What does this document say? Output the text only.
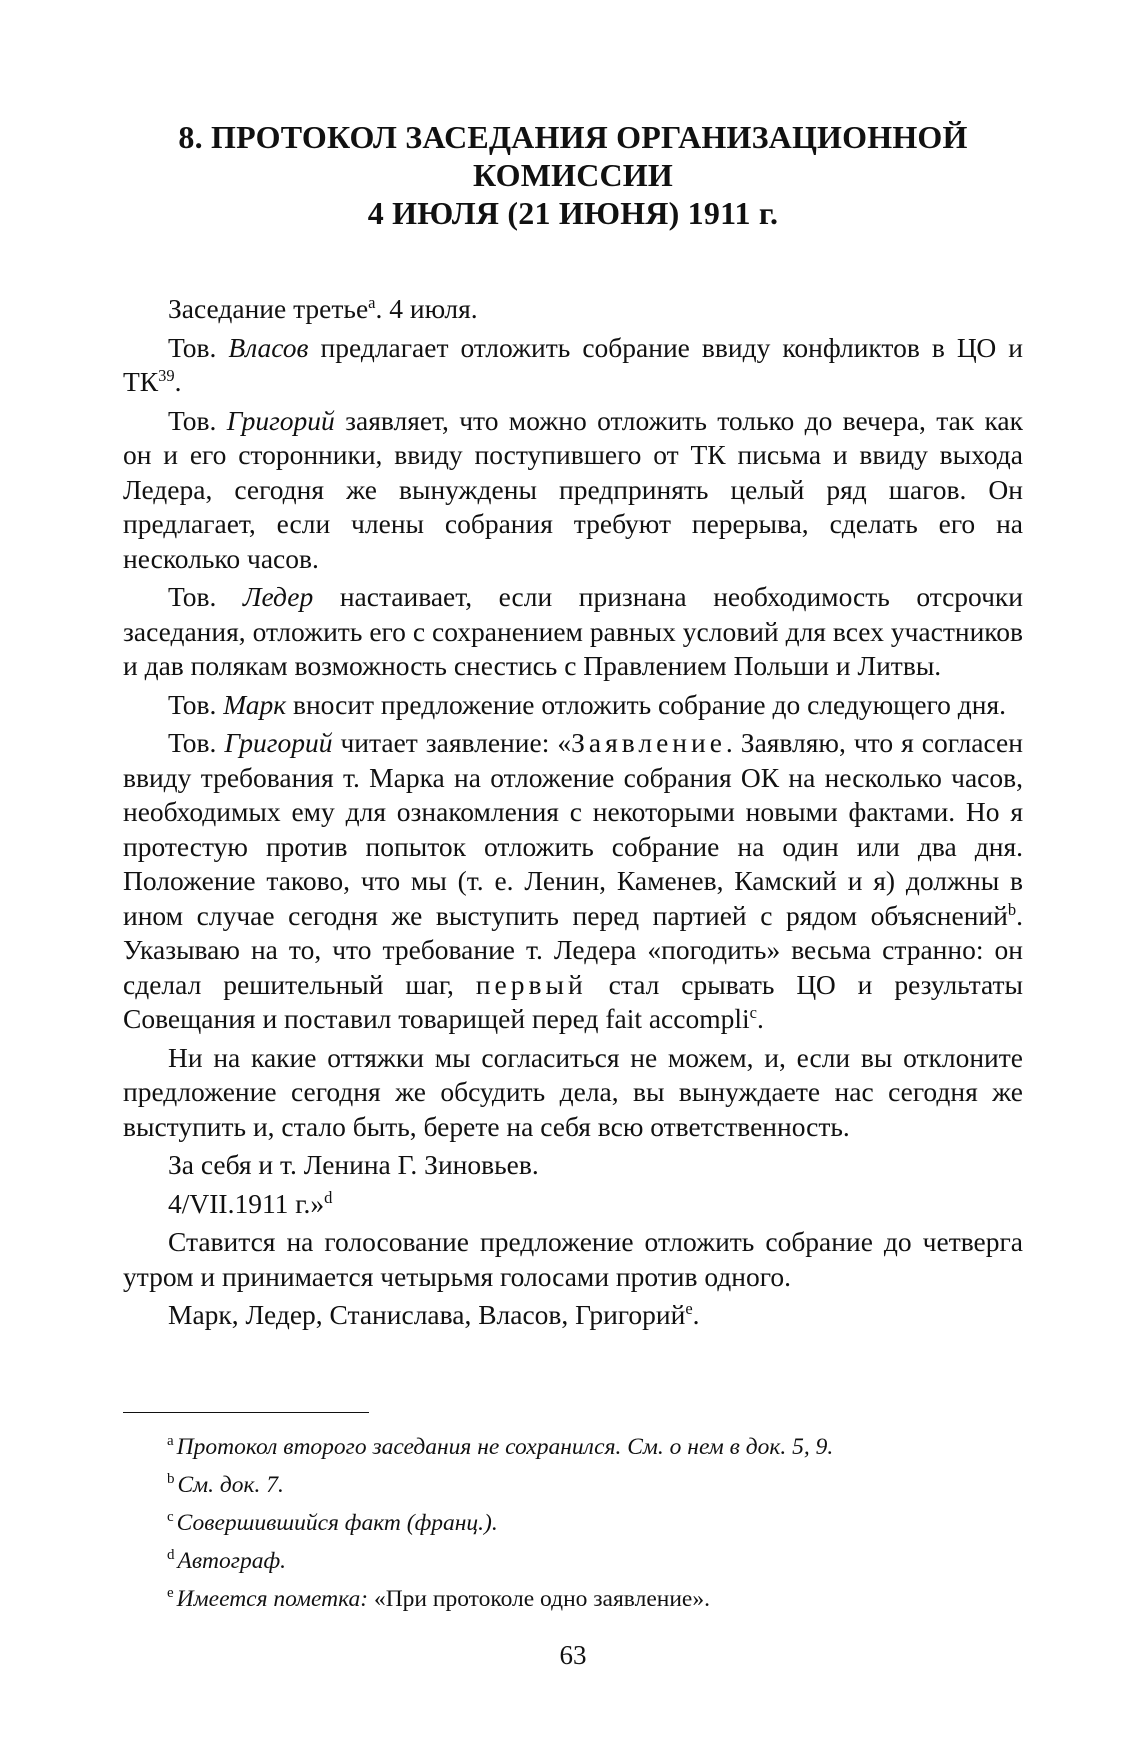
8. ПРОТОКОЛ ЗАСЕДАНИЯ ОРГАНИЗАЦИОННОЙ
КОМИССИИ
4 ИЮЛЯ (21 ИЮНЯ) 1911 г.

Заседание третье$^a$. 4 июля.

Тов. Власов предлагает отложить собрание ввиду конфликтов в ЦО и ТК$^{39}$.

Тов. Григорий заявляет, что можно отложить только до вечера, так как он и его сторонники, ввиду поступившего от ТК письма и ввиду выхода Ледера, сегодня же вынуждены предпринять целый ряд шагов. Он предлагает, если члены собрания требуют перерыва, сделать его на несколько часов.

Тов. Ледер настаивает, если признана необходимость отсрочки заседания, отложить его с сохранением равных условий для всех участников и дав полякам возможность снестись с Правлением Польши и Литвы.

Тов. Марк вносит предложение отложить собрание до следующего дня.

Тов. Григорий читает заявление: «Заявление. Заявляю, что я согласен ввиду требования т. Марка на отложение собрания ОК на несколько часов, необходимых ему для ознакомления с некоторыми новыми фактами. Но я протестую против попыток отложить собрание на один или два дня. Положение таково, что мы (т. е. Ленин, Каменев, Камский и я) должны в ином случае сегодня же выступить перед партией с рядом объяснений$^b$. Указываю на то, что требование т. Ледера «погодить» весьма странно: он сделал решительный шаг, первый стал срывать ЦО и результаты Совещания и поставил товарищей перед fait accompli$^c$.

Ни на какие оттяжки мы согласиться не можем, и, если вы отклоните предложение сегодня же обсудить дела, вы вынуждаете нас сегодня же выступить и, стало быть, берете на себя всю ответственность.

За себя и т. Ленина Г. Зиновьев.

4/VII.1911 г.»$^d$

Ставится на голосование предложение отложить собрание до четверга утром и принимается четырьмя голосами против одного.

Марк, Ледер, Станислава, Власов, Григорий$^e$.

$^a$ Протокол второго заседания не сохранился. См. о нем в док. 5, 9.
$^b$ См. док. 7.
$^c$ Совершившийся факт (франц.).
$^d$ Автограф.
$^e$ Имеется пометка: «При протоколе одно заявление».
63
